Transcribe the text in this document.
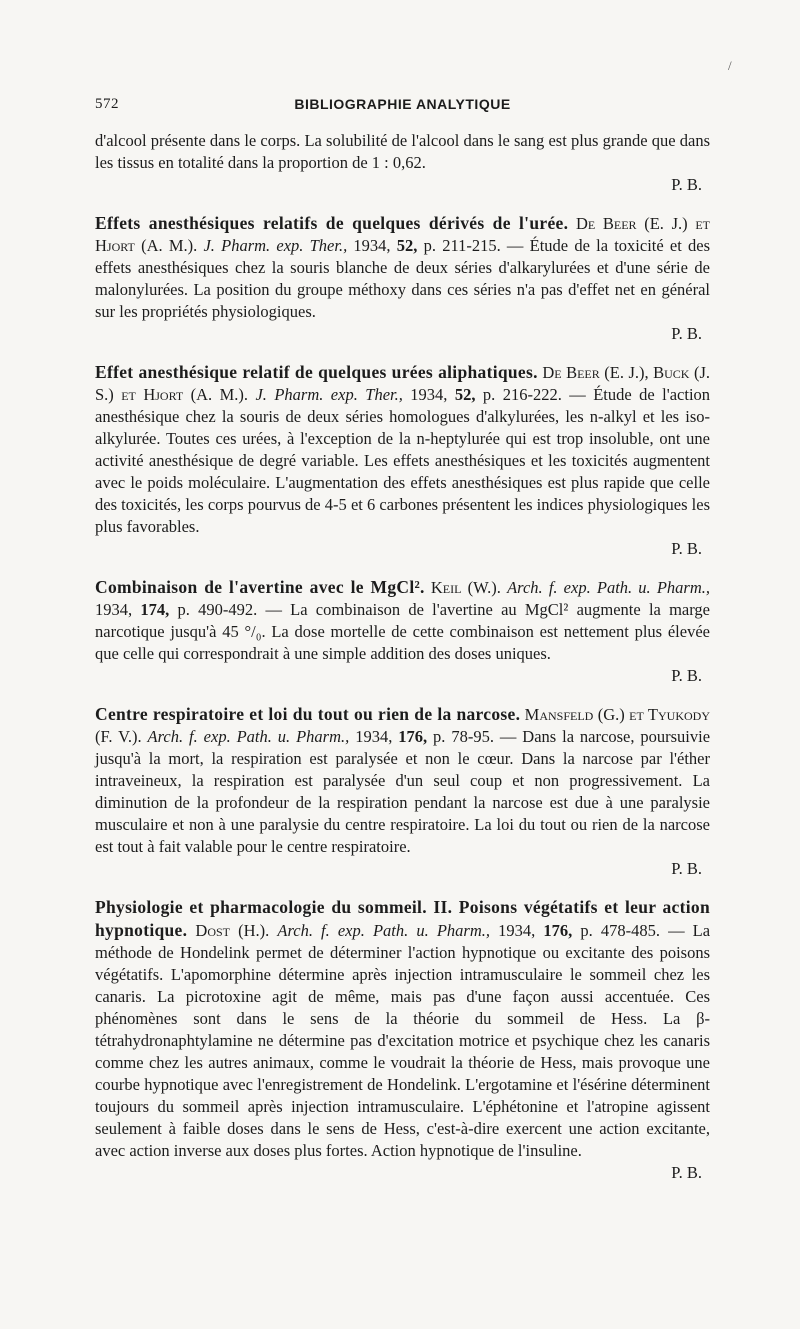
/
572	BIBLIOGRAPHIE ANALYTIQUE

d'alcool présente dans le corps. La solubilité de l'alcool dans le sang est plus grande que dans les tissus en totalité dans la proportion de 1 : 0,62.

P. B.

Effets anesthésiques relatifs de quelques dérivés de l'urée. De Beer (E. J.) et Hjort (A. M.). J. Pharm. exp. Ther., 1934, 52, p. 211-215. — Étude de la toxicité et des effets anesthésiques chez la souris blanche de deux séries d'alkarylurées et d'une série de malonylurées. La position du groupe méthoxy dans ces séries n'a pas d'effet net en général sur les propriétés physiologiques.

P. B.

Effet anesthésique relatif de quelques urées aliphatiques. De Beer (E. J.), Buck (J. S.) et Hjort (A. M.). J. Pharm. exp. Ther., 1934, 52, p. 216-222. — Étude de l'action anesthésique chez la souris de deux séries homologues d'alkylurées, les n-alkyl et les iso-alkylurée. Toutes ces urées, à l'exception de la n-heptylurée qui est trop insoluble, ont une activité anesthésique de degré variable. Les effets anesthésiques et les toxicités augmentent avec le poids moléculaire. L'augmentation des effets anesthésiques est plus rapide que celle des toxicités, les corps pourvus de 4-5 et 6 carbones présentent les indices physiologiques les plus favorables.

P. B.

Combinaison de l'avertine avec le MgCl². Keil (W.). Arch. f. exp. Path. u. Pharm., 1934, 174, p. 490-492. — La combinaison de l'avertine au MgCl² augmente la marge narcotique jusqu'à 45 °/₀. La dose mortelle de cette combinaison est nettement plus élevée que celle qui correspondrait à une simple addition des doses uniques.

P. B.

Centre respiratoire et loi du tout ou rien de la narcose. Mansfeld (G.) et Tyukody (F. V.). Arch. f. exp. Path. u. Pharm., 1934, 176, p. 78-95. — Dans la narcose, poursuivie jusqu'à la mort, la respiration est paralysée et non le cœur. Dans la narcose par l'éther intraveineux, la respiration est paralysée d'un seul coup et non progressivement. La diminution de la profondeur de la respiration pendant la narcose est due à une paralysie musculaire et non à une paralysie du centre respiratoire. La loi du tout ou rien de la narcose est tout à fait valable pour le centre respiratoire.

P. B.

Physiologie et pharmacologie du sommeil. II. Poisons végétatifs et leur action hypnotique. Dost (H.). Arch. f. exp. Path. u. Pharm., 1934, 176, p. 478-485. — La méthode de Hondelink permet de déterminer l'action hypnotique ou excitante des poisons végétatifs. L'apomorphine détermine après injection intramusculaire le sommeil chez les canaris. La picrotoxine agit de même, mais pas d'une façon aussi accentuée. Ces phénomènes sont dans le sens de la théorie du sommeil de Hess. La β-tétrahydronaphtylamine ne détermine pas d'excitation motrice et psychique chez les canaris comme chez les autres animaux, comme le voudrait la théorie de Hess, mais provoque une courbe hypnotique avec l'enregistrement de Hondelink. L'ergotamine et l'ésérine déterminent toujours du sommeil après injection intramusculaire. L'éphétonine et l'atropine agissent seulement à faible doses dans le sens de Hess, c'est-à-dire exercent une action excitante, avec action inverse aux doses plus fortes. Action hypnotique de l'insuline.

P. B.
